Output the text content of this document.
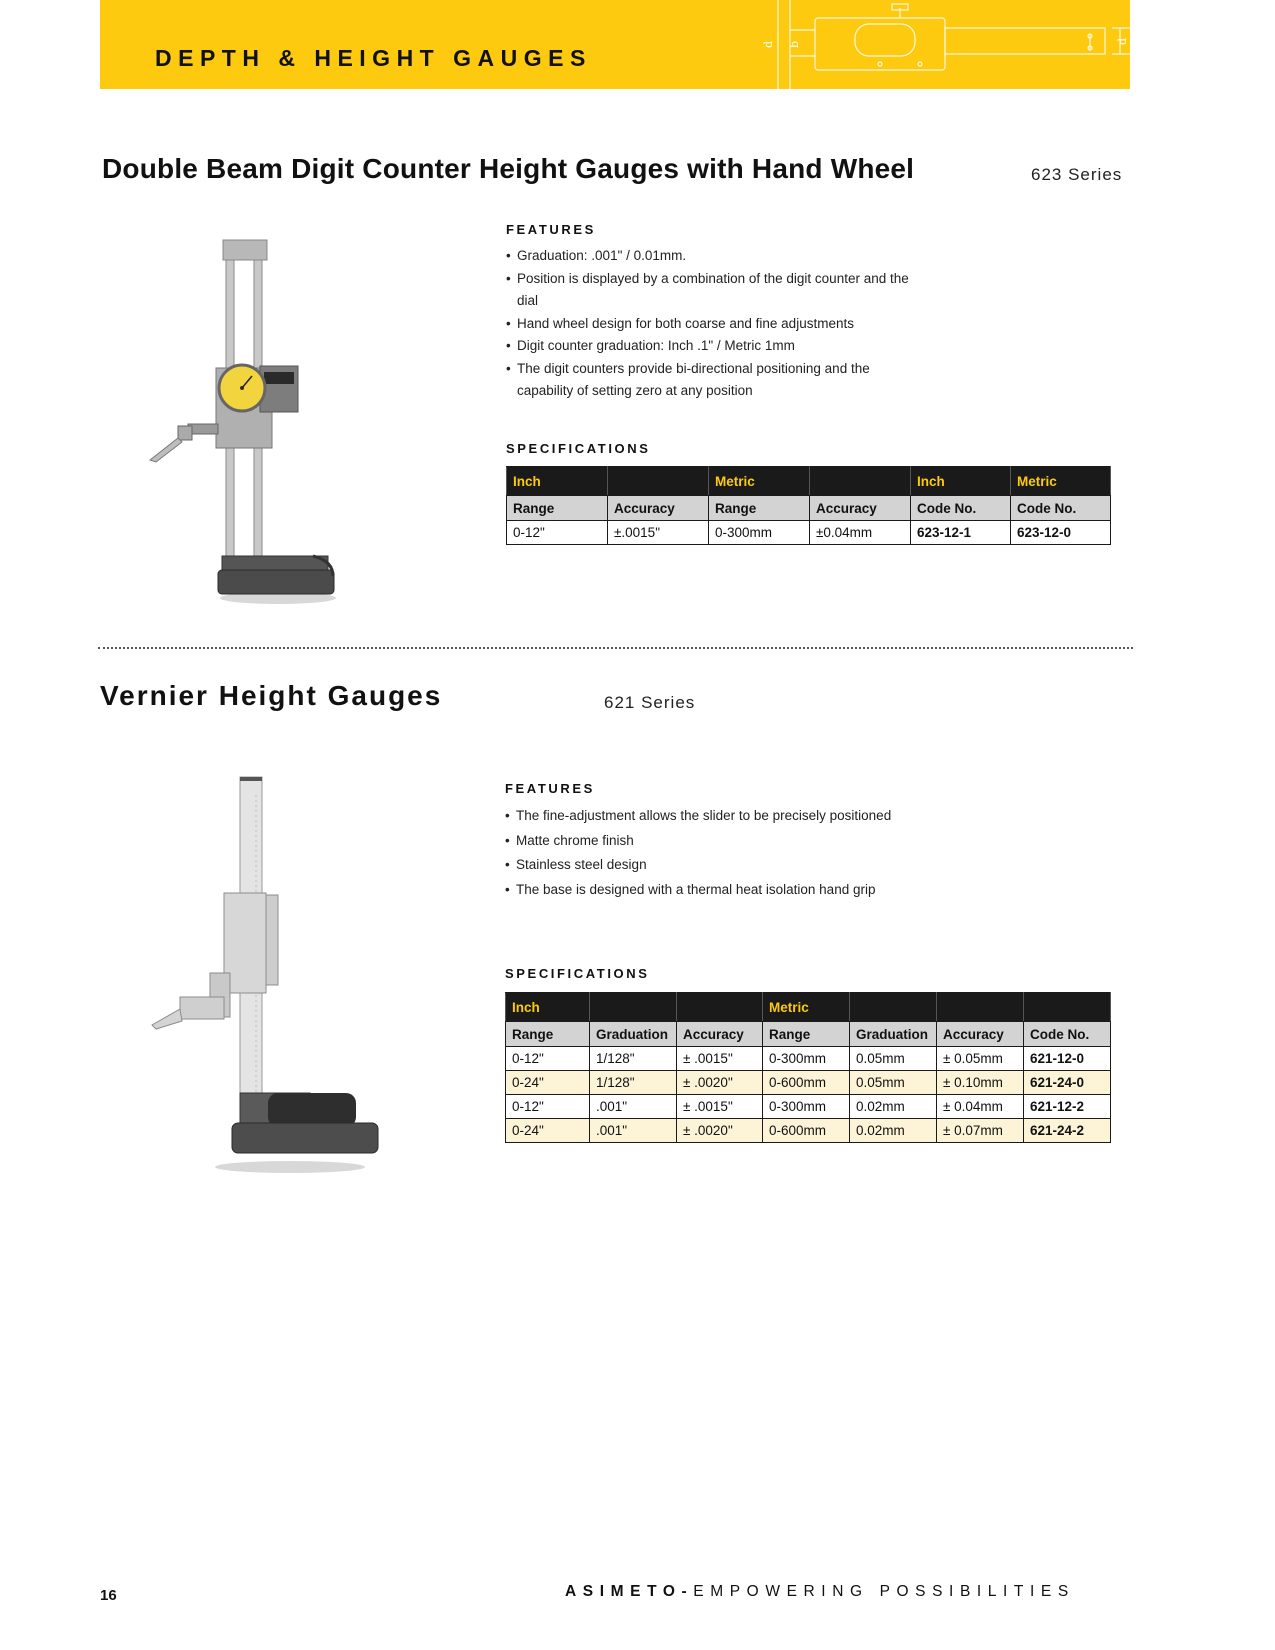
DEPTH & HEIGHT GAUGES
b
d	d
Double Beam Digit Counter Height Gauges with Hand Wheel	623 Series
FEATURES
• Graduation: .001" / 0.01mm.
• Position is displayed by a combination of the digit counter and the dial
• Hand wheel design for both coarse and fine adjustments
• Digit counter graduation: Inch .1" / Metric 1mm
• The digit counters provide bi-directional positioning and the capability of setting zero at any position
SPECIFICATIONS
Inch		Metric		Inch	Metric
Range	Accuracy	Range	Accuracy	Code No.	Code No.
0-12"	±.0015"	0-300mm	±0.04mm	623-12-1	623-12-0
Vernier Height Gauges	621 Series
FEATURES
• The fine-adjustment allows the slider to be precisely positioned
• Matte chrome finish
• Stainless steel design
• The base is designed with a thermal heat isolation hand grip
SPECIFICATIONS
Inch			Metric			
Range	Graduation	Accuracy	Range	Graduation	Accuracy	Code No.
0-12"	1/128"	± .0015"	0-300mm	0.05mm	± 0.05mm	621-12-0
0-24"	1/128"	± .0020"	0-600mm	0.05mm	± 0.10mm	621-24-0
0-12"	.001"	± .0015"	0-300mm	0.02mm	± 0.04mm	621-12-2
0-24"	.001"	± .0020"	0-600mm	0.02mm	± 0.07mm	621-24-2
16	ASIMETO-EMPOWERING POSSIBILITIES
